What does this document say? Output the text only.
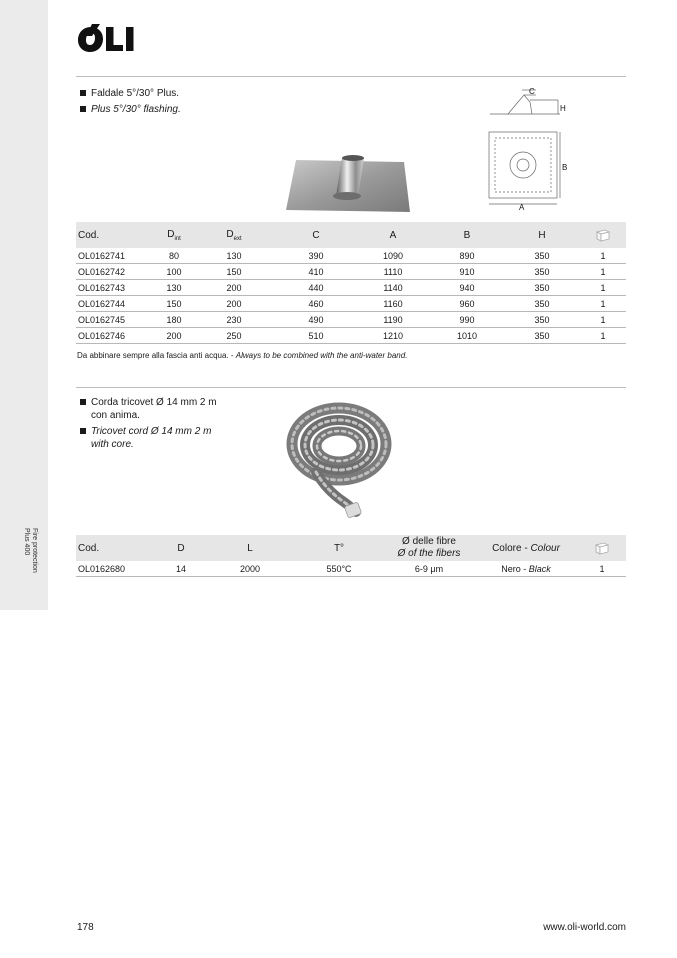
Fire protection
Plus 400
Faldale 5°/30° Plus.
Plus 5°/30° flashing.
C
H
B
A
Cod.	$D_{int}$	$D_{ext}$	C	A	B	H	
OL0162741	80	130	390	1090	890	350	1
OL0162742	100	150	410	1110	910	350	1
OL0162743	130	200	440	1140	940	350	1
OL0162744	150	200	460	1160	960	350	1
OL0162745	180	230	490	1190	990	350	1
OL0162746	200	250	510	1210	1010	350	1
Da abbinare sempre alla fascia anti acqua. - Always to be combined with the anti-water band.
Corda tricovet Ø 14 mm 2 m
con anima.
Tricovet cord Ø 14 mm 2 m
with core.
Cod.	D	L	T°	Ø delle fibre
Ø of the fibers	Colore - Colour	
OL0162680	14	2000	550°C	6-9 μm	Nero - Black	1
178	www.oli-world.com
